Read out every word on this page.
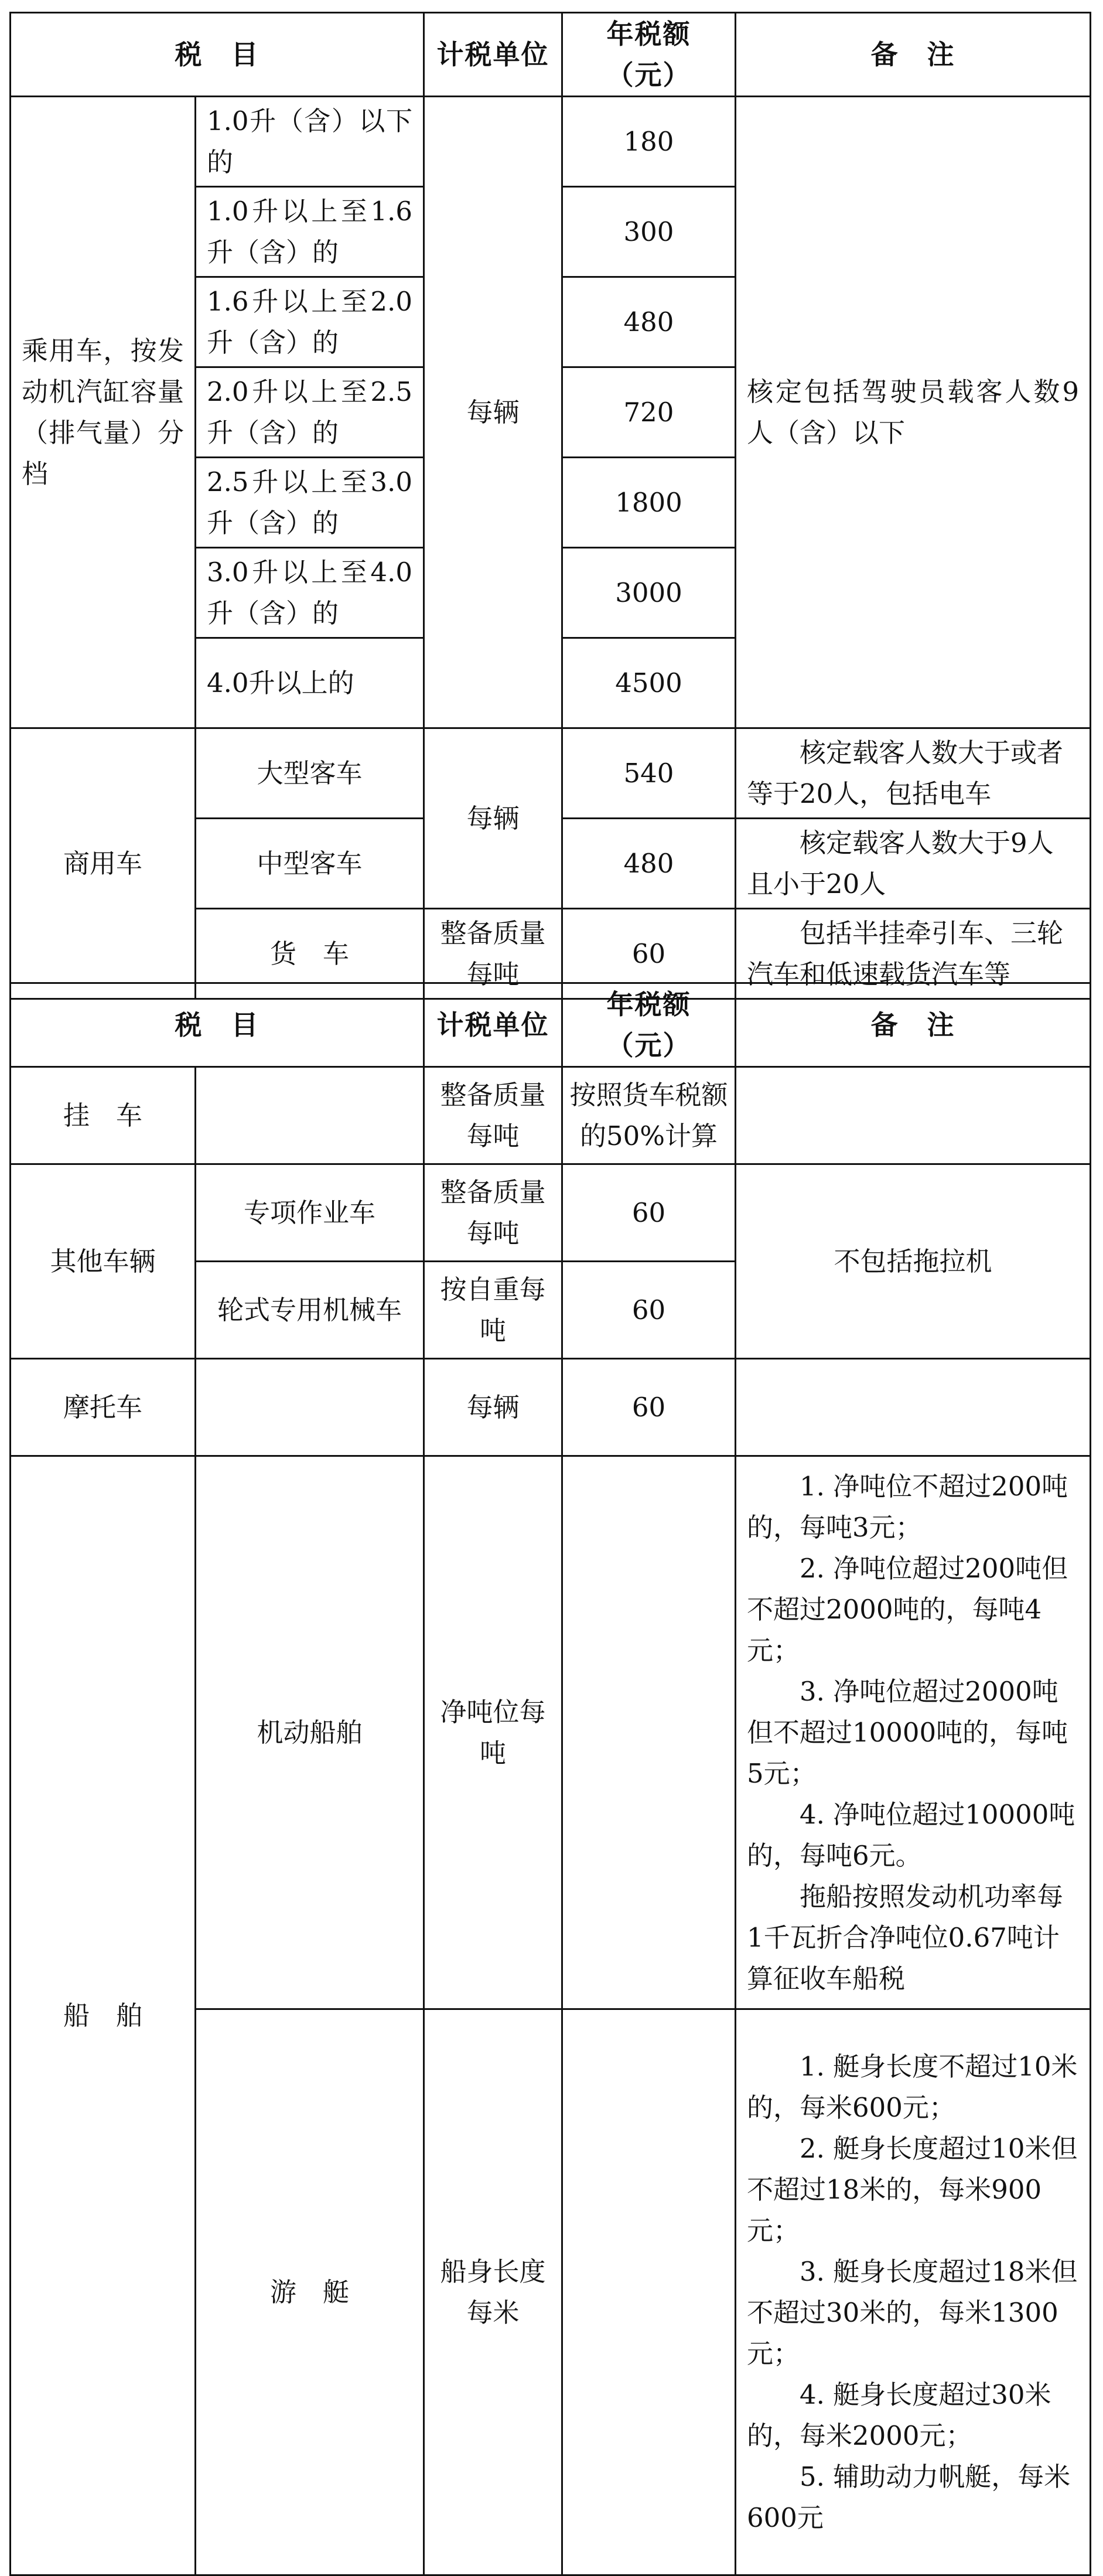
税　目		计税单位	年税额（元）	备　注
乘用车，按发动机汽缸容量（排气量）分档	1.0升（含）以下的	每辆	180	核定包括驾驶员载客人数9人（含）以下
	1.0升以上至1.6升（含）的		300	
	1.6升以上至2.0升（含）的		480	
	2.0升以上至2.5升（含）的		720	
	2.5升以上至3.0升（含）的		1800	
	3.0升以上至4.0升（含）的		3000	
	4.0升以上的		4500	
商用车	大型客车	每辆	540	核定载客人数大于或者等于20人，包括电车

	中型客车		480	核定载客人数大于9人且小于20人

	货　车	整备质量每吨	60	包括半挂牵引车、三轮汽车和低速载货汽车等
税　目		计税单位	年税额（元）	备　注
挂　车		整备质量每吨	按照货车税额的50%计算	
其他车辆	专项作业车	整备质量每吨	60	不包括拖拉机
	轮式专用机械车	按自重每吨	60	
摩托车		每辆	60	
船　舶	机动船舶	净吨位每吨		1. 净吨位不超过200吨的，每吨3元；
2. 净吨位超过200吨但不超过2000吨的，每吨4元；
3. 净吨位超过2000吨但不超过10000吨的，每吨5元；
4. 净吨位超过10000吨的，每吨6元。
拖船按照发动机功率每1千瓦折合净吨位0.67吨计算征收车船税

	游　艇	船身长度每米		1. 艇身长度不超过10米的，每米600元；
2. 艇身长度超过10米但不超过18米的，每米900元；
3. 艇身长度超过18米但不超过30米的，每米1300元；
4. 艇身长度超过30米的，每米2000元；
5. 辅助动力帆艇，每米600元
